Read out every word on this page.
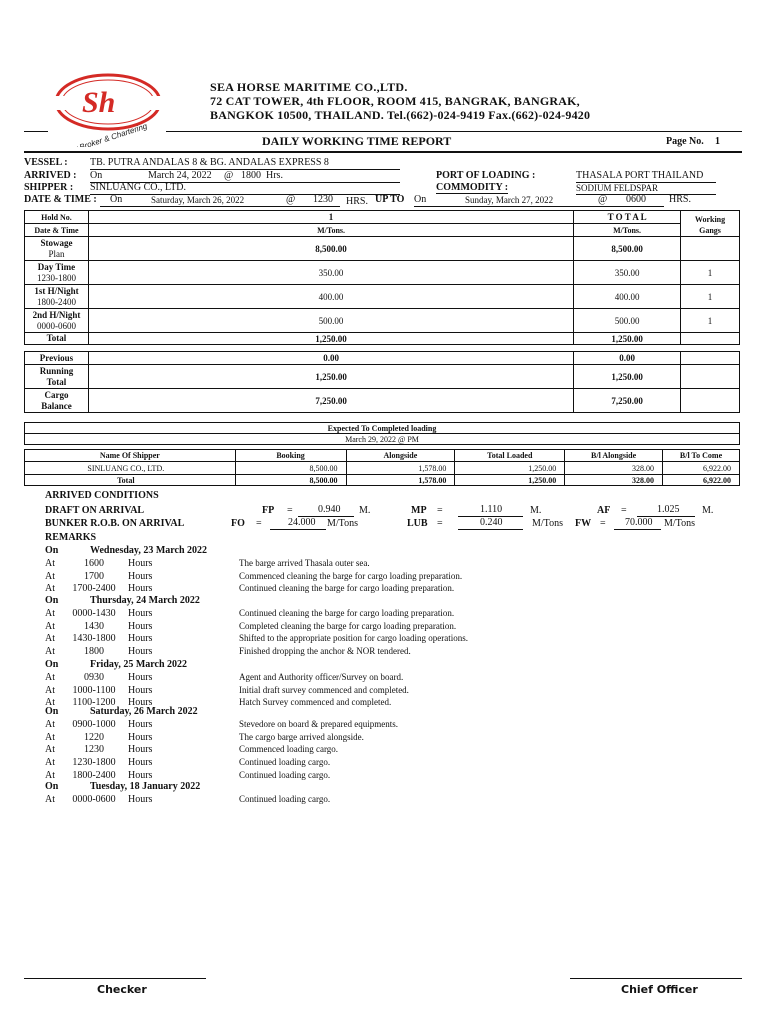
Sh
Agency,Broker & Chartering
SEA HORSE MARITIME CO.,LTD.
72 CAT TOWER, 4th FLOOR, ROOM 415, BANGRAK, BANGRAK,
BANGKOK 10500, THAILAND. Tel.(662)-024-9419 Fax.(662)-024-9420
DAILY WORKING TIME REPORT	Page No. 1
VESSEL : TB. PUTRA ANDALAS 8 & BG. ANDALAS EXPRESS 8
ARRIVED : On	March 24, 2022 @ 1800 Hrs.	PORT OF LOADING :	THASALA PORT THAILAND
SHIPPER : SINLUANG CO., LTD.	COMMODITY :	SODIUM FELDSPAR
DATE & TIME : On	Saturday, March 26, 2022	@ 1230 HRS. UP TO On	Sunday, March 27, 2022	@ 0600 HRS.
Hold No.	1	T O T A L	Working
Gangs

Date & Time	M/Tons.	M/Tons.	

Stowage
Plan	8,500.00	8,500.00	

Day Time
1230-1800	350.00	350.00	1

1st H/Night
1800-2400	400.00	400.00	1

2nd H/Night
0000-0600	500.00	500.00	1

Total	1,250.00	1,250.00	
Previous	0.00	0.00	

Running
Total	1,250.00	1,250.00	

Cargo
Balance	7,250.00	7,250.00	
Expected To Completed loading
March 29, 2022 @ PM
Name Of Shipper	Booking	Alongside	Total Loaded	B/l Alongside	B/l To Come
SINLUANG CO., LTD.	8,500.00	1,578.00	1,250.00	328.00	6,922.00
Total	8,500.00	1,578.00	1,250.00	328.00	6,922.00
ARRIVED CONDITIONS
DRAFT ON ARRIVAL	FP =	0.940 M.	MP =	1.110	M.	AF =	1.025 M.
BUNKER R.O.B. ON ARRIVAL	FO =	24.000 M/Tons	LUB =	0.240	M/Tons FW = 70.000 M/Tons
REMARKS
On	Wednesday, 23 March 2022
At	1600	Hours	The barge arrived Thasala outer sea.
At	1700	Hours	Commenced cleaning the barge for cargo loading preparation.
At	1700-2400	Hours	Continued cleaning the barge for cargo loading preparation.
On	Thursday, 24 March 2022
At	0000-1430	Hours	Continued cleaning the barge for cargo loading preparation.
At	1430	Hours	Completed cleaning the barge for cargo loading preparation.
At	1430-1800	Hours	Shifted to the appropriate position for cargo loading operations.
At	1800	Hours	Finished dropping the anchor & NOR tendered.
On	Friday, 25 March 2022
At	0930	Hours	Agent and Authority officer/Survey on board.
At	1000-1100	Hours	Initial draft survey commenced and completed.
At	1100-1200	Hours	Hatch Survey commenced and completed.
On	Saturday, 26 March 2022
At	0900-1000	Hours	Stevedore on board & prepared equipments.
At	1220	Hours	The cargo barge arrived alongside.
At	1230	Hours	Commenced loading cargo.
At	1230-1800	Hours	Continued loading cargo.
At	1800-2400	Hours	Continued loading cargo.
On	Tuesday, 18 January 2022
At	0000-0600	Hours	Continued loading cargo.
Checker	Chief Officer
